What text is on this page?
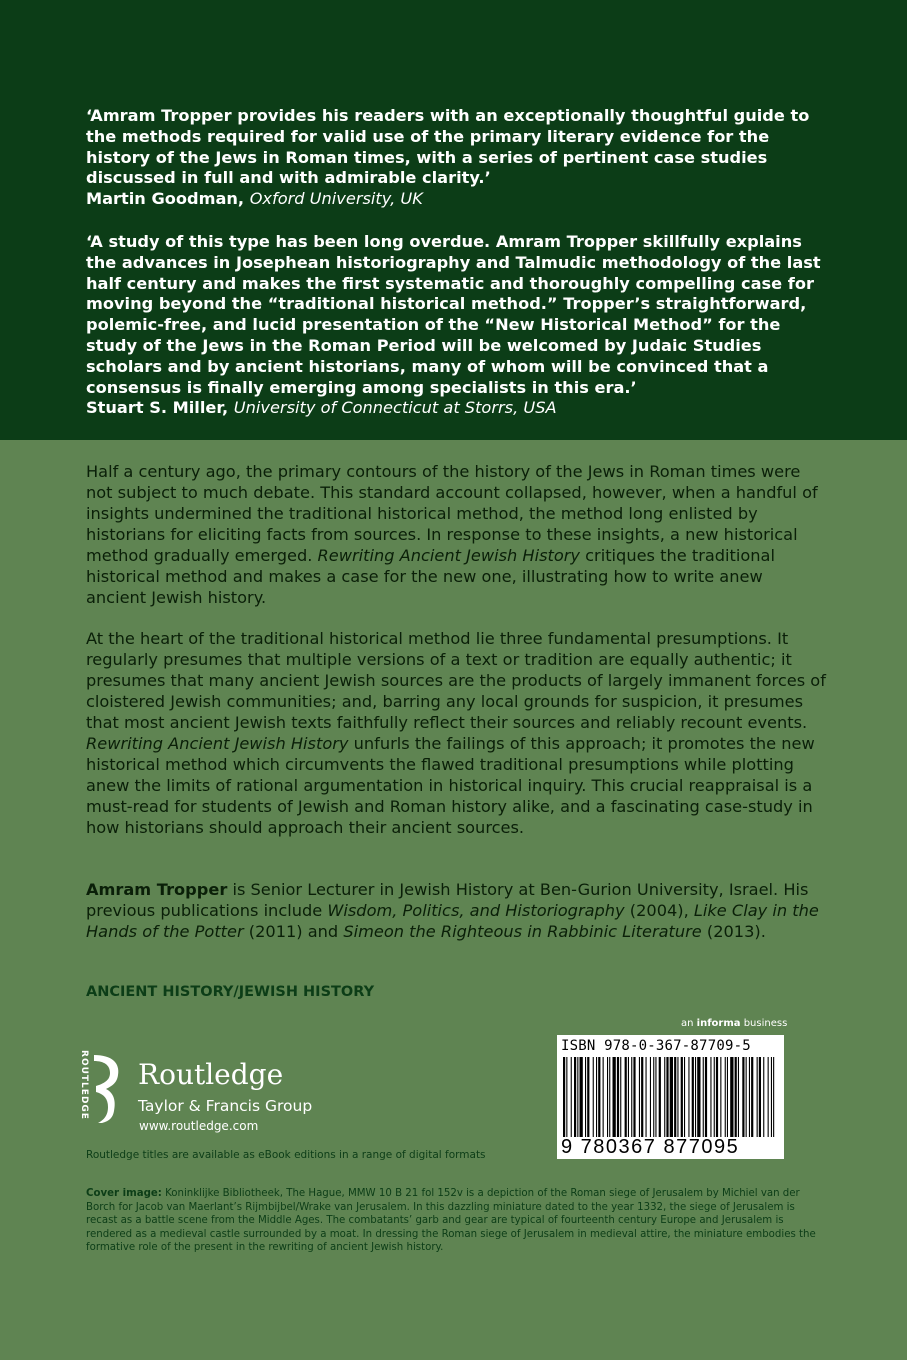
‘Amram Tropper provides his readers with an exceptionally thoughtful guide to the methods required for valid use of the primary literary evidence for the history of the Jews in Roman times, with a series of pertinent case studies discussed in full and with admirable clarity.’
Martin Goodman, Oxford University, UK
‘A study of this type has been long overdue. Amram Tropper skillfully explains the advances in Josephean historiography and Talmudic methodology of the last half century and makes the first systematic and thoroughly compelling case for moving beyond the “traditional historical method.” Tropper’s straightforward, polemic-free, and lucid presentation of the “New Historical Method” for the study of the Jews in the Roman Period will be welcomed by Judaic Studies scholars and by ancient historians, many of whom will be convinced that a consensus is finally emerging among specialists in this era.’
Stuart S. Miller, University of Connecticut at Storrs, USA
Half a century ago, the primary contours of the history of the Jews in Roman times were not subject to much debate. This standard account collapsed, however, when a handful of insights undermined the traditional historical method, the method long enlisted by historians for eliciting facts from sources. In response to these insights, a new historical method gradually emerged. Rewriting Ancient Jewish History critiques the traditional historical method and makes a case for the new one, illustrating how to write anew ancient Jewish history.
At the heart of the traditional historical method lie three fundamental presumptions. It regularly presumes that multiple versions of a text or tradition are equally authentic; it presumes that many ancient Jewish sources are the products of largely immanent forces of cloistered Jewish communities; and, barring any local grounds for suspicion, it presumes that most ancient Jewish texts faithfully reflect their sources and reliably recount events. Rewriting Ancient Jewish History unfurls the failings of this approach; it promotes the new historical method which circumvents the flawed traditional presumptions while plotting anew the limits of rational argumentation in historical inquiry. This crucial reappraisal is a must-read for students of Jewish and Roman history alike, and a fascinating case-study in how historians should approach their ancient sources.
Amram Tropper is Senior Lecturer in Jewish History at Ben-Gurion University, Israel. His previous publications include Wisdom, Politics, and Historiography (2004), Like Clay in the Hands of the Potter (2011) and Simeon the Righteous in Rabbinic Literature (2013).
ANCIENT HISTORY/JEWISH HISTORY
an informa business
ISBN 978-0-367-87709-5
9 780367 877095
ROUTLEDGE Routledge
Taylor & Francis Group
www.routledge.com
Routledge titles are available as eBook editions in a range of digital formats
Cover image: Koninklijke Bibliotheek, The Hague, MMW 10 B 21 fol 152v is a depiction of the Roman siege of Jerusalem by Michiel van der Borch for Jacob van Maerlant’s Rijmbijbel/Wrake van Jerusalem. In this dazzling miniature dated to the year 1332, the siege of Jerusalem is recast as a battle scene from the Middle Ages. The combatants’ garb and gear are typical of fourteenth century Europe and Jerusalem is rendered as a medieval castle surrounded by a moat. In dressing the Roman siege of Jerusalem in medieval attire, the miniature embodies the formative role of the present in the rewriting of ancient Jewish history.
